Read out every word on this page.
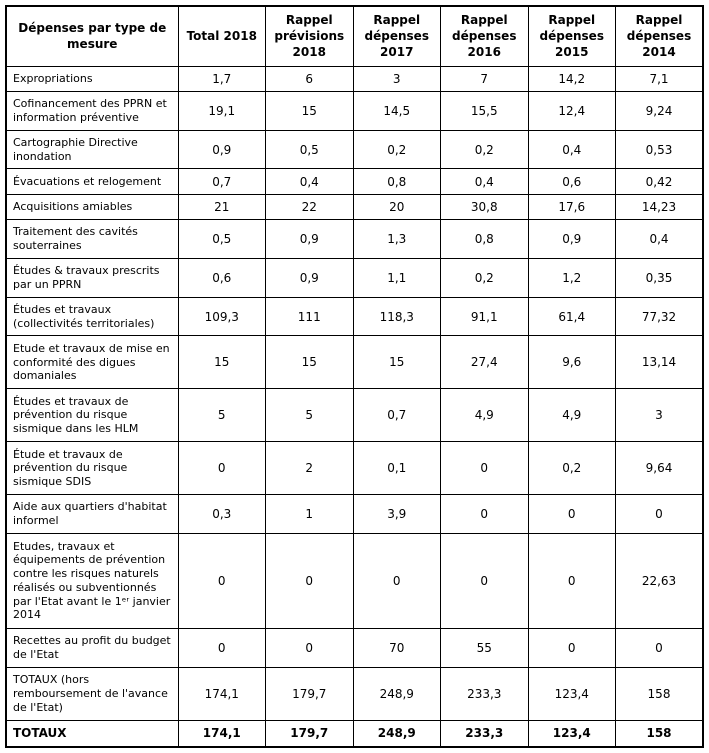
Dépenses par type de mesure	Total 2018	Rappel prévisions 2018	Rappel dépenses 2017	Rappel dépenses 2016	Rappel dépenses 2015	Rappel dépenses 2014
Expropriations	1,7	6	3	7	14,2	7,1
Cofinancement des PPRN et information préventive	19,1	15	14,5	15,5	12,4	9,24
Cartographie Directive inondation	0,9	0,5	0,2	0,2	0,4	0,53
Évacuations et relogement	0,7	0,4	0,8	0,4	0,6	0,42
Acquisitions amiables	21	22	20	30,8	17,6	14,23
Traitement des cavités souterraines	0,5	0,9	1,3	0,8	0,9	0,4
Études & travaux prescrits par un PPRN	0,6	0,9	1,1	0,2	1,2	0,35
Études et travaux (collectivités territoriales)	109,3	111	118,3	91,1	61,4	77,32
Etude et travaux de mise en conformité des digues domaniales	15	15	15	27,4	9,6	13,14
Études et travaux de prévention du risque sismique dans les HLM	5	5	0,7	4,9	4,9	3
Étude et travaux de prévention du risque sismique SDIS	0	2	0,1	0	0,2	9,64
Aide aux quartiers d'habitat informel	0,3	1	3,9	0	0	0
Etudes, travaux et équipements de prévention contre les risques naturels réalisés ou subventionnés par l'Etat avant le 1ᵉʳ janvier 2014	0	0	0	0	0	22,63
Recettes au profit du budget de l'Etat	0	0	70	55	0	0
TOTAUX (hors remboursement de l'avance de l'Etat)	174,1	179,7	248,9	233,3	123,4	158
TOTAUX	174,1	179,7	248,9	233,3	123,4	158
